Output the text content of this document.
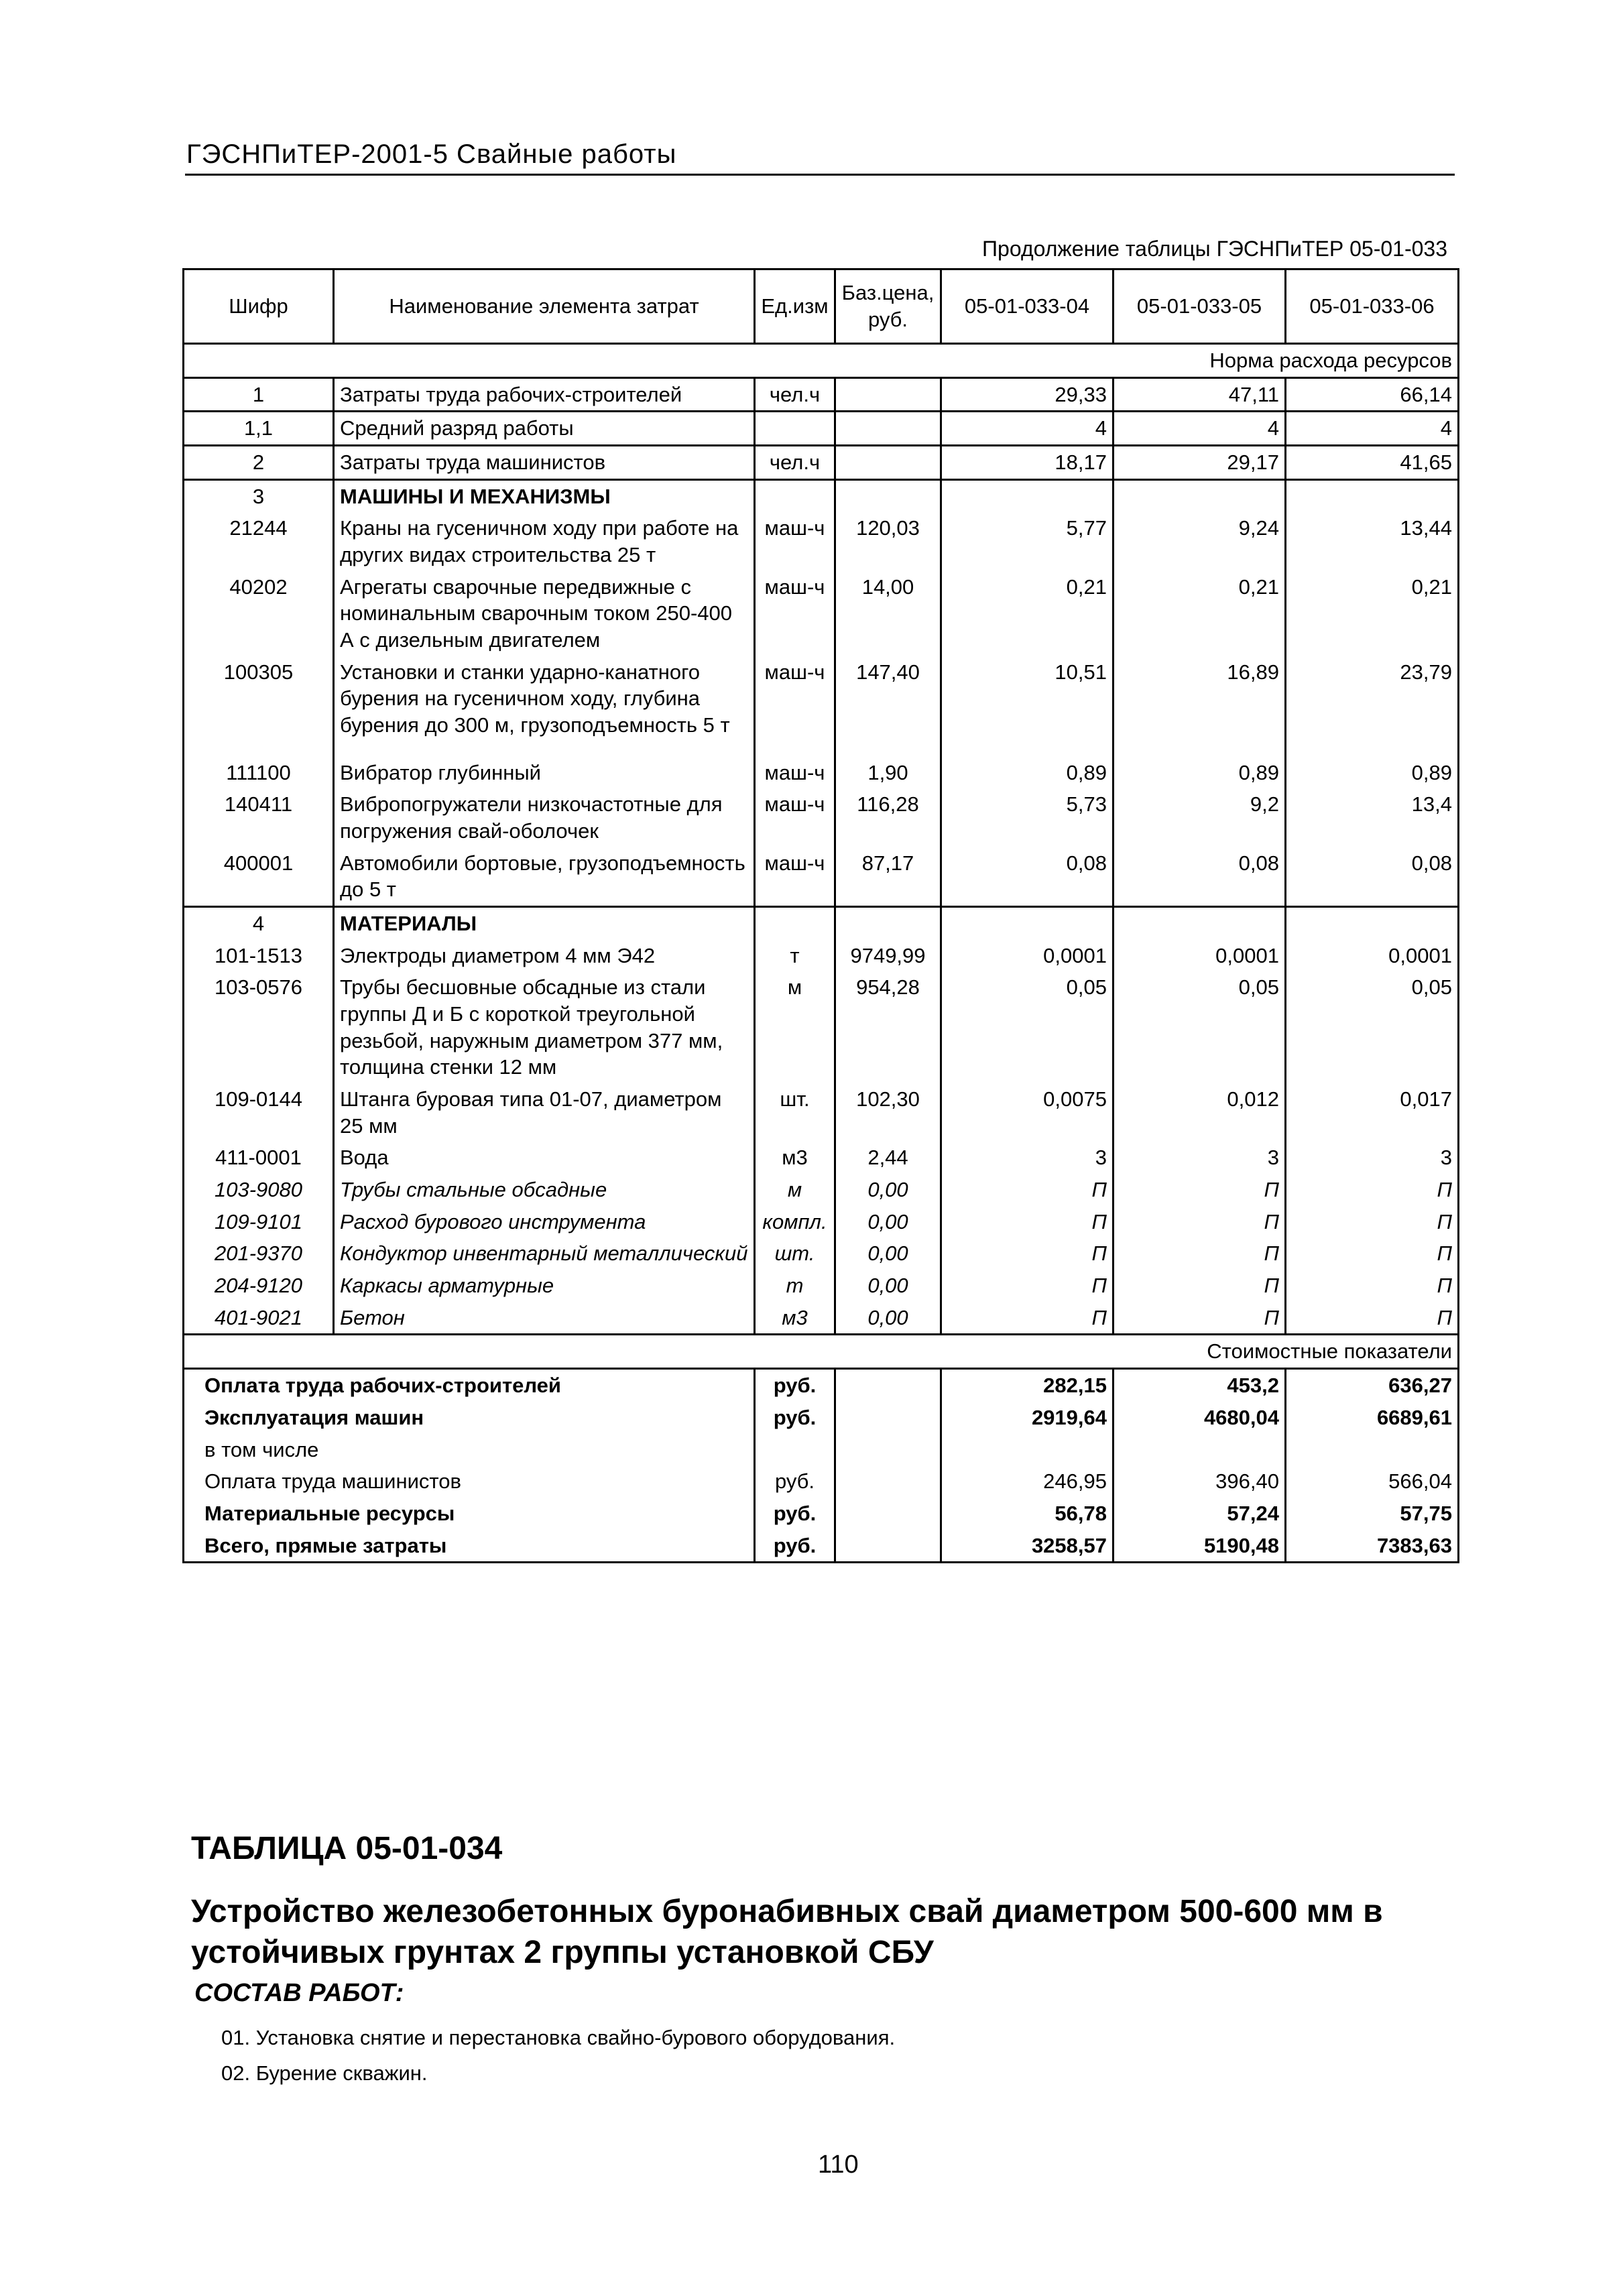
ГЭСНПиТЕР-2001-5 Свайные работы
Продолжение таблицы ГЭСНПиТЕР 05-01-033
Шифр	Наименование элемента затрат	Ед.изм	Баз.цена, руб.	05-01-033-04	05-01-033-05	05-01-033-06
Норма расхода ресурсов						
1	Затраты труда рабочих-строителей	чел.ч		29,33	47,11	66,14
1,1	Средний разряд работы			4	4	4
2	Затраты труда машинистов	чел.ч		18,17	29,17	41,65
3	МАШИНЫ И МЕХАНИЗМЫ					
21244	Краны на гусеничном ходу при работе на других видах строительства 25 т	маш-ч	120,03	5,77	9,24	13,44
40202	Агрегаты сварочные передвижные с номинальным сварочным током 250-400 А с дизельным двигателем	маш-ч	14,00	0,21	0,21	0,21
100305	Установки и станки ударно-канатного бурения на гусеничном ходу, глубина бурения до 300 м, грузоподъемность 5 т	маш-ч	147,40	10,51	16,89	23,79
111100	Вибратор глубинный	маш-ч	1,90	0,89	0,89	0,89
140411	Вибропогружатели низкочастотные для погружения свай-оболочек	маш-ч	116,28	5,73	9,2	13,4
400001	Автомобили бортовые, грузоподъемность до 5 т	маш-ч	87,17	0,08	0,08	0,08
4	МАТЕРИАЛЫ					
101-1513	Электроды диаметром 4 мм Э42	т	9749,99	0,0001	0,0001	0,0001
103-0576	Трубы бесшовные обсадные из стали группы Д и Б с короткой треугольной резьбой, наружным диаметром 377 мм, толщина стенки 12 мм	м	954,28	0,05	0,05	0,05
109-0144	Штанга буровая типа 01-07, диаметром 25 мм	шт.	102,30	0,0075	0,012	0,017
411-0001	Вода	м3	2,44	3	3	3
103-9080	Трубы стальные обсадные	м	0,00	П	П	П
109-9101	Расход бурового инструмента	компл.	0,00	П	П	П
201-9370	Кондуктор инвентарный металлический	шт.	0,00	П	П	П
204-9120	Каркасы арматурные	т	0,00	П	П	П
401-9021	Бетон	м3	0,00	П	П	П
Стоимостные показатели						
Оплата труда рабочих-строителей		руб.		282,15	453,2	636,27
Эксплуатация машин		руб.		2919,64	4680,04	6689,61
в том числе						
Оплата труда машинистов		руб.		246,95	396,40	566,04
Материальные ресурсы		руб.		56,78	57,24	57,75
Всего, прямые затраты		руб.		3258,57	5190,48	7383,63
ТАБЛИЦА 05-01-034
Устройство железобетонных буронабивных свай диаметром 500-600 мм в устойчивых грунтах 2 группы установкой СБУ
СОСТАВ РАБОТ:
01. Установка снятие и перестановка свайно-бурового оборудования.
02. Бурение скважин.
110
